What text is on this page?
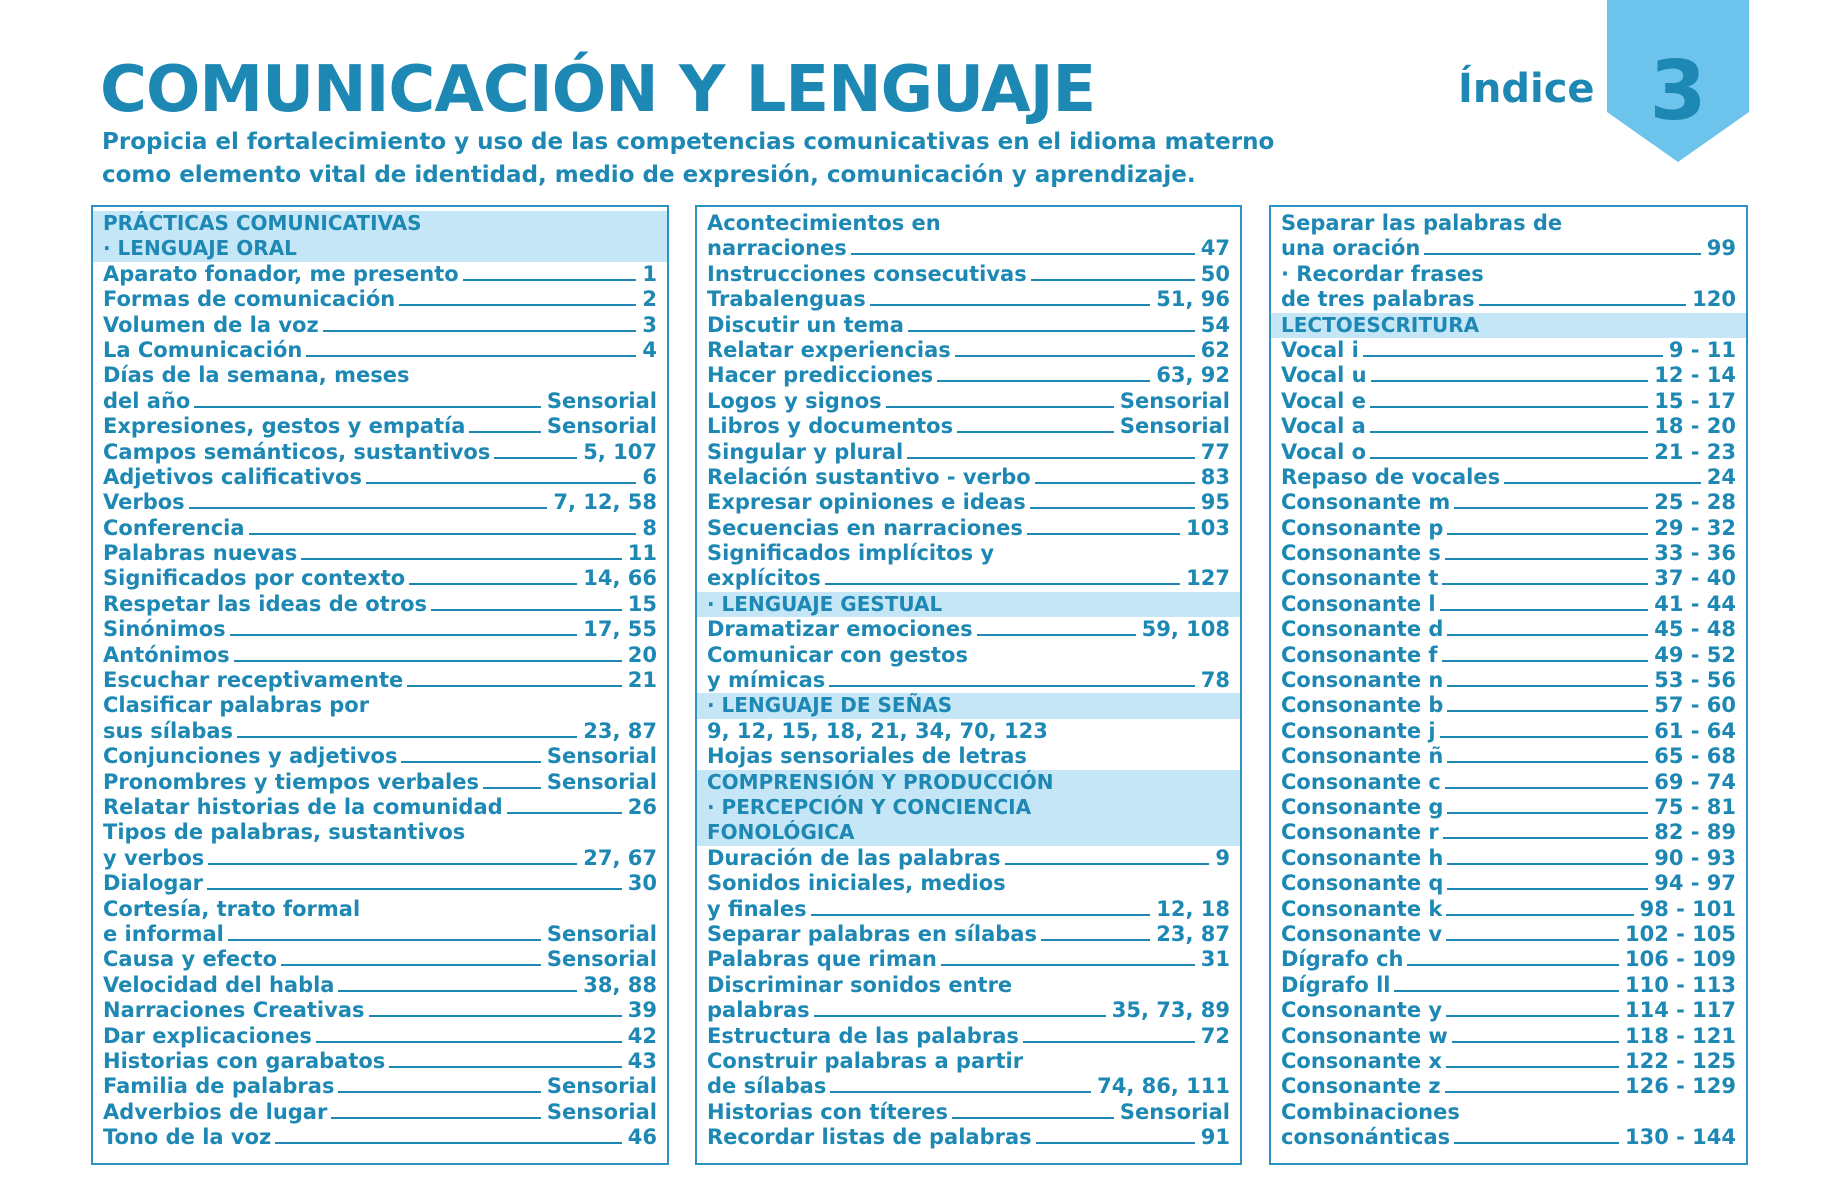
COMUNICACIÓN Y LENGUAJE
Propicia el fortalecimiento y uso de las competencias comunicativas en el idioma materno como elemento vital de identidad, medio de expresión, comunicación y aprendizaje.
Índice 3
PRÁCTICAS COMUNICATIVAS
· LENGUAJE ORAL
Aparato fonador, me presento	1
Formas de comunicación	2
Volumen de la voz	3
La Comunicación	4
Días de la semana, meses
del año	Sensorial
Expresiones, gestos y empatía	Sensorial
Campos semánticos, sustantivos	5, 107
Adjetivos calificativos	6
Verbos	7, 12, 58
Conferencia	8
Palabras nuevas	11
Significados por contexto	14, 66
Respetar las ideas de otros	15
Sinónimos	17, 55
Antónimos	20
Escuchar receptivamente	21
Clasificar palabras por
sus sílabas	23, 87
Conjunciones y adjetivos	Sensorial
Pronombres y tiempos verbales	Sensorial
Relatar historias de la comunidad	26
Tipos de palabras, sustantivos
y verbos	27, 67
Dialogar	30
Cortesía, trato formal
e informal	Sensorial
Causa y efecto	Sensorial
Velocidad del habla	38, 88
Narraciones Creativas	39
Dar explicaciones	42
Historias con garabatos	43
Familia de palabras	Sensorial
Adverbios de lugar	Sensorial
Tono de la voz	46
Acontecimientos en
narraciones	47
Instrucciones consecutivas	50
Trabalenguas	51, 96
Discutir un tema	54
Relatar experiencias	62
Hacer predicciones	63, 92
Logos y signos	Sensorial
Libros y documentos	Sensorial
Singular y plural	77
Relación sustantivo - verbo	83
Expresar opiniones e ideas	95
Secuencias en narraciones	103
Significados implícitos y
explícitos	127
· LENGUAJE GESTUAL
Dramatizar emociones	59, 108
Comunicar con gestos
y mímicas	78
· LENGUAJE DE SEÑAS
9, 12, 15, 18, 21, 34, 70, 123
Hojas sensoriales de letras
COMPRENSIÓN Y PRODUCCIÓN
· PERCEPCIÓN Y CONCIENCIA
FONOLÓGICA
Duración de las palabras	9
Sonidos iniciales, medios
y finales	12, 18
Separar palabras en sílabas	23, 87
Palabras que riman	31
Discriminar sonidos entre
palabras	35, 73, 89
Estructura de las palabras	72
Construir palabras a partir
de sílabas	74, 86, 111
Historias con títeres	Sensorial
Recordar listas de palabras	91
Separar las palabras de
una oración	99
· Recordar frases
de tres palabras	120
LECTOESCRITURA
Vocal i	9 - 11
Vocal u	12 - 14
Vocal e	15 - 17
Vocal a	18 - 20
Vocal o	21 - 23
Repaso de vocales	24
Consonante m	25 - 28
Consonante p	29 - 32
Consonante s	33 - 36
Consonante t	37 - 40
Consonante l	41 - 44
Consonante d	45 - 48
Consonante f	49 - 52
Consonante n	53 - 56
Consonante b	57 - 60
Consonante j	61 - 64
Consonante ñ	65 - 68
Consonante c	69 - 74
Consonante g	75 - 81
Consonante r	82 - 89
Consonante h	90 - 93
Consonante q	94 - 97
Consonante k	98 - 101
Consonante v	102 - 105
Dígrafo ch	106 - 109
Dígrafo ll	110 - 113
Consonante y	114 - 117
Consonante w	118 - 121
Consonante x	122 - 125
Consonante z	126 - 129
Combinaciones
consonánticas	130 - 144
